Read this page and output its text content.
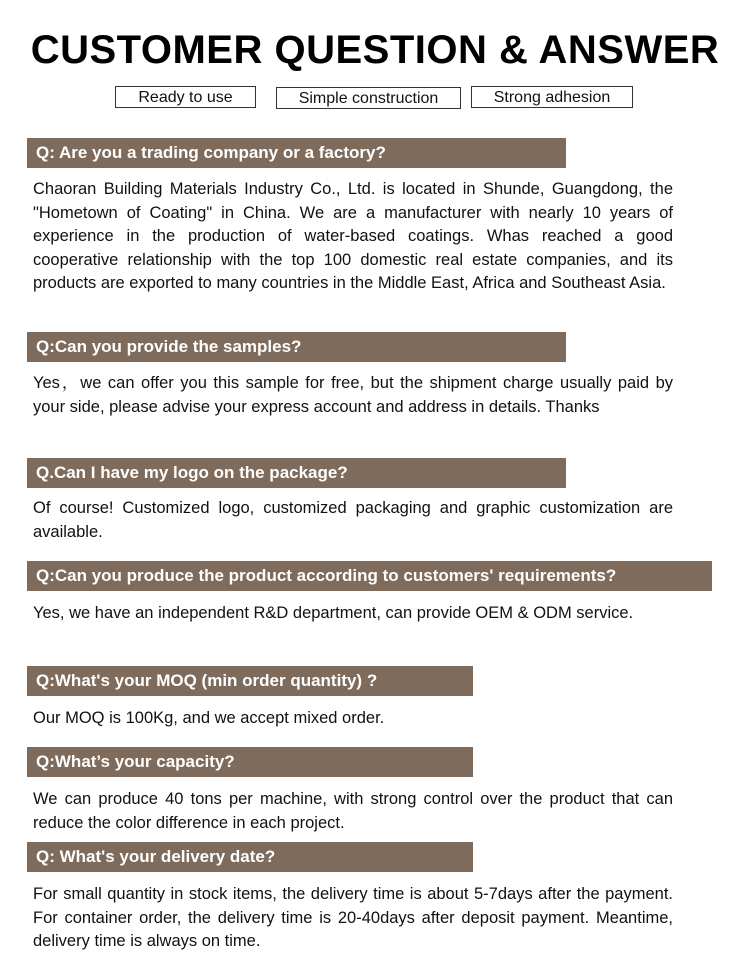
CUSTOMER QUESTION & ANSWER
Ready to use	Simple construction	Strong adhesion
Q: Are you a trading company or a factory?
Chaoran Building Materials Industry Co., Ltd. is located in Shunde, Guangdong, the "Hometown of Coating" in China. We are a manufacturer with nearly 10 years of experience in the production of water-based coatings. Whas reached a good cooperative relationship with the top 100 domestic real estate companies, and its products are exported to many countries in the Middle East, Africa and Southeast Asia.
Q:Can you provide the samples?
Yes，we can offer you this sample for free, but the shipment charge usually paid by your side, please advise your express account and address in details. Thanks
Q.Can I have my logo on the package?
Of course! Customized logo, customized packaging and graphic customization are available.
Q:Can you produce the product according to customers' requirements?
Yes, we have an independent R&D department, can provide OEM & ODM service.
Q:What's your MOQ (min order quantity) ?
Our MOQ is 100Kg, and we accept mixed order.
Q:What’s your capacity?
We can produce 40 tons per machine, with strong control over the product that can reduce the color difference in each project.
Q: What's your delivery date?
For small quantity in stock items, the delivery time is about 5-7days after the payment. For container order, the delivery time is 20-40days after deposit payment. Meantime, delivery time is always on time.
